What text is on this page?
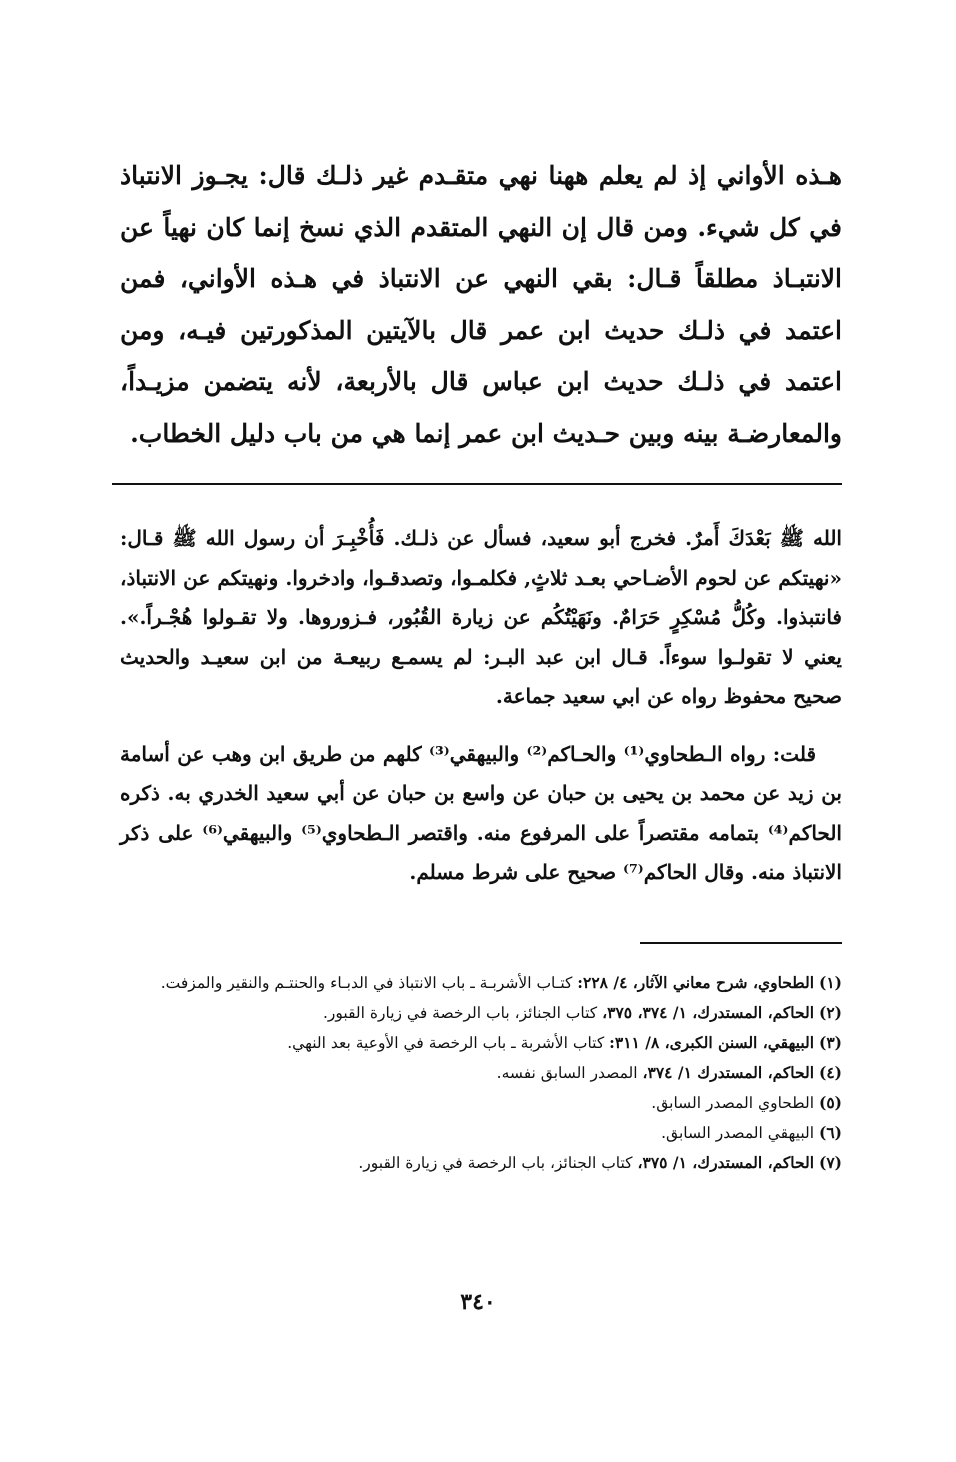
هـذه الأواني إذ لم يعلم ههنا نهي متقـدم غير ذلـك قال: يجـوز الانتباذ في كل شيء. ومن قال إن النهي المتقدم الذي نسخ إنما كان نهياً عن الانتبـاذ مطلقاً قـال: بقي النهي عن الانتباذ في هـذه الأواني، فمن اعتمد في ذلـك حديث ابن عمر قال بالآيتين المذكورتين فيـه، ومن اعتمد في ذلـك حديث ابن عباس قال بالأربعة، لأنه يتضمن مزيـداً، والمعارضـة بينه وبين حـديث ابن عمر إنما هي من باب دليل الخطاب.

الله ﷺ بَعْدَكَ أَمرٌ. فخرج أبو سعيد، فسأل عن ذلـك. فَأُخْبِـرَ أن رسول الله ﷺ قـال: «نهيتكم عن لحوم الأضـاحي بعـد ثلاثٍ, فكلمـوا، وتصدقـوا، وادخروا. ونهيتكم عن الانتباذ، فانتبذوا. وكُلُّ مُسْكِرٍ حَرَامٌ. ونَهَيْتُكُم عن زيارة القُبُور، فـزوروها. ولا تقـولوا هُجْـراً.». يعني لا تقولـوا سوءاً. قـال ابن عبد البـر: لم يسمـع ربيعـة من ابن سعيـد والحديث صحيح محفوظ رواه عن ابي سعيد جماعة.

قلت: رواه الـطحاوي⁽¹⁾ والحـاكم⁽²⁾ والبيهقي⁽³⁾ كلهم من طريق ابن وهب عن أسامة بن زيد عن محمد بن يحيى بن حبان عن واسع بن حبان عن أبي سعيد الخدري به. ذكره الحاكم⁽⁴⁾ بتمامه مقتصراً على المرفوع منه. واقتصر الـطحاوي⁽⁵⁾ والبيهقي⁽⁶⁾ على ذكر الانتباذ منه. وقال الحاكم⁽⁷⁾ صحيح على شرط مسلم.

(١) الطحاوي، شرح معاني الآثار، ٤/ ٢٢٨: كتـاب الأشربـة ـ باب الانتباذ في الدبـاء والحنتـم والنقير والمزفت.

(٢) الحاكم، المستدرك، ١/ ٣٧٤، ٣٧٥، كتاب الجنائز، باب الرخصة في زيارة القبور.

(٣) البيهقي، السنن الكبرى، ٨/ ٣١١: كتاب الأشربة ـ باب الرخصة في الأوعية بعد النهي.

(٤) الحاكم، المستدرك ١/ ٣٧٤، المصدر السابق نفسه.

(٥) الطحاوي المصدر السابق.

(٦) البيهقي المصدر السابق.

(٧) الحاكم، المستدرك، ١/ ٣٧٥، كتاب الجنائز، باب الرخصة في زيارة القبور.

٣٤٠
